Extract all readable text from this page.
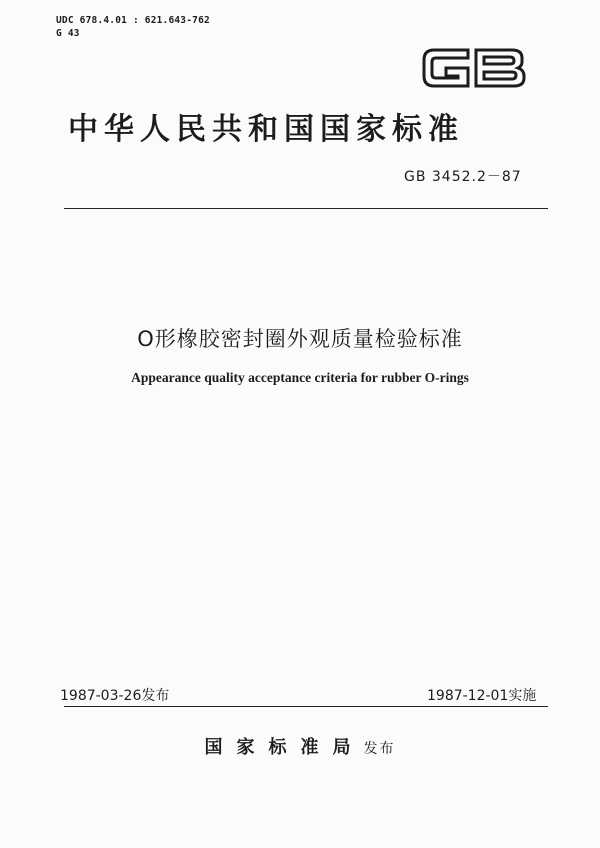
UDC 678.4.01 : 621.643-762
G 43
中华人民共和国国家标准
GB 3452.2－87
O形橡胶密封圈外观质量检验标准
Appearance quality acceptance criteria for rubber O-rings
1987-03-26发布	1987-12-01实施
国家标准局 发布
